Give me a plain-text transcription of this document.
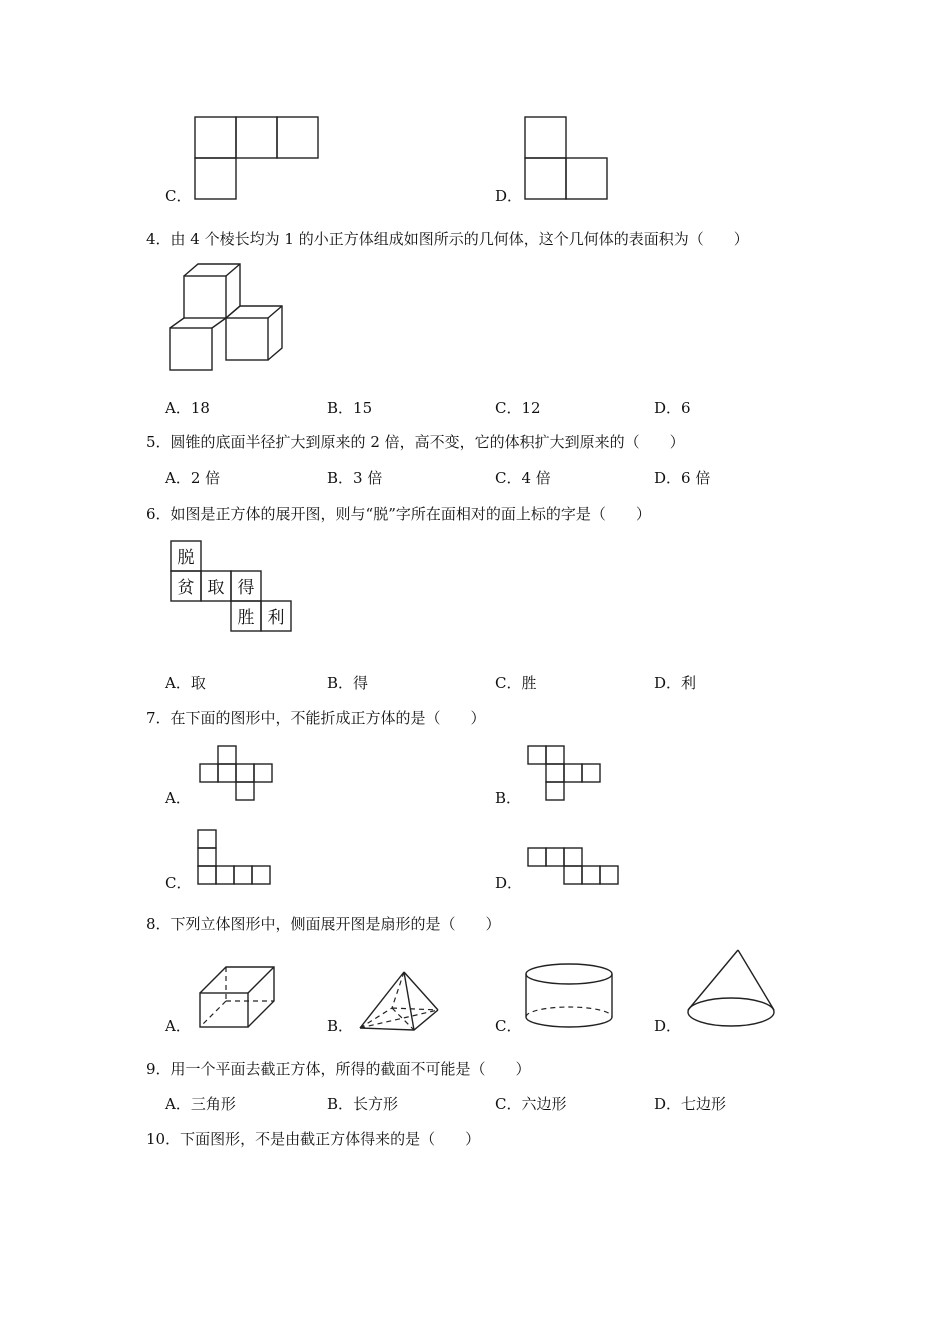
C．	D．
4．由 4 个棱长均为 1 的小正方体组成如图所示的几何体，这个几何体的表面积为（　　）
A．18	B．15	C．12	D．6
5．圆锥的底面半径扩大到原来的 2 倍，高不变，它的体积扩大到原来的（　　）
A．2 倍	B．3 倍	C．4 倍	D．6 倍
6．如图是正方体的展开图，则与“脱”字所在面相对的面上标的字是（　　）
脱
贫 取 得
胜 利
A．取	B．得	C．胜	D．利
7．在下面的图形中，不能折成正方体的是（　　）
A．	B．
C．	D．
8．下列立体图形中，侧面展开图是扇形的是（　　）
A．	B．	C．	D．
9．用一个平面去截正方体，所得的截面不可能是（　　）
A．三角形	B．长方形	C．六边形	D．七边形
10．下面图形，不是由截正方体得来的是（　　）
